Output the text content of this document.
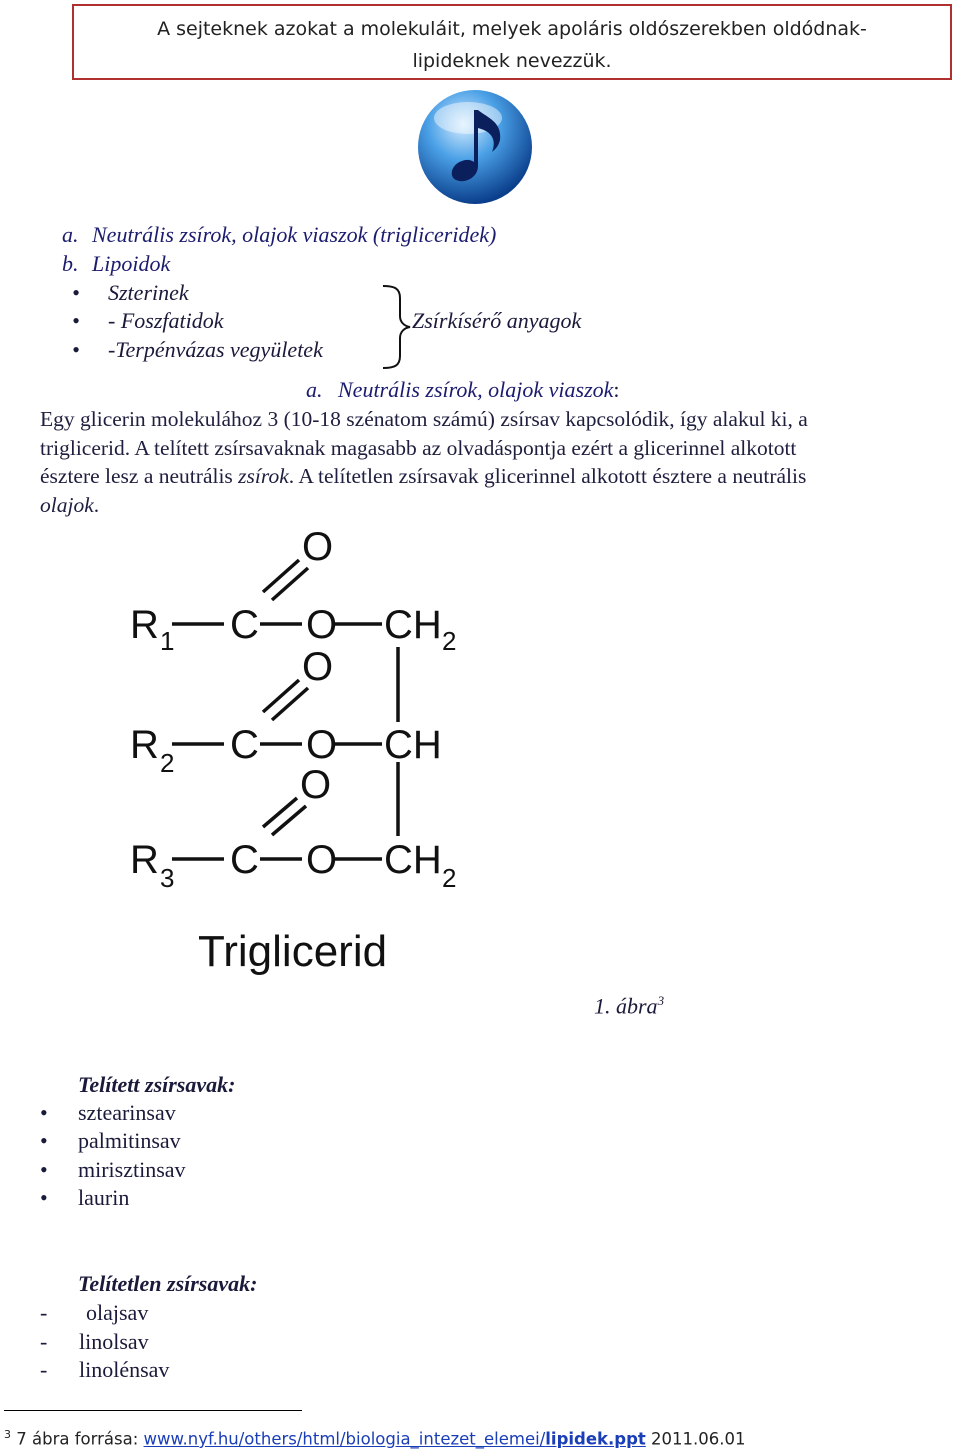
A sejteknek azokat a molekuláit, melyek apoláris oldószerekben oldódnak-
lipideknek nevezzük.
a. Neutrális zsírok, olajok viaszok (trigliceridek)
b. Lipoidok
• Szterinek
• - Foszfatidok
• -Terpénvázas vegyületek
Zsírkísérő anyagok
a. Neutrális zsírok, olajok viaszok:
Egy glicerin molekulához 3 (10-18 szénatom számú) zsírsav kapcsolódik, így alakul ki, a
triglicerid. A telített zsírsavaknak magasabb az olvadáspontja ezért a glicerinnel alkotott
észtere lesz a neutrális zsírok. A telítetlen zsírsavak glicerinnel alkotott észtere a neutrális
olajok.
O
O
O
R 1 C O CH 2
R 2 C O CH
R 3 C O CH 2
Triglicerid
1. ábra$^3$
Telített zsírsavak:
• sztearinsav
• palmitinsav
• mirisztinsav
• laurin
Telítetlen zsírsavak:
- olajsav
- linolsav
- linolénsav
$^3$ 7 ábra forrása: www.nyf.hu/others/html/biologia_intezet_elemei/lipidek.ppt 2011.06.01
